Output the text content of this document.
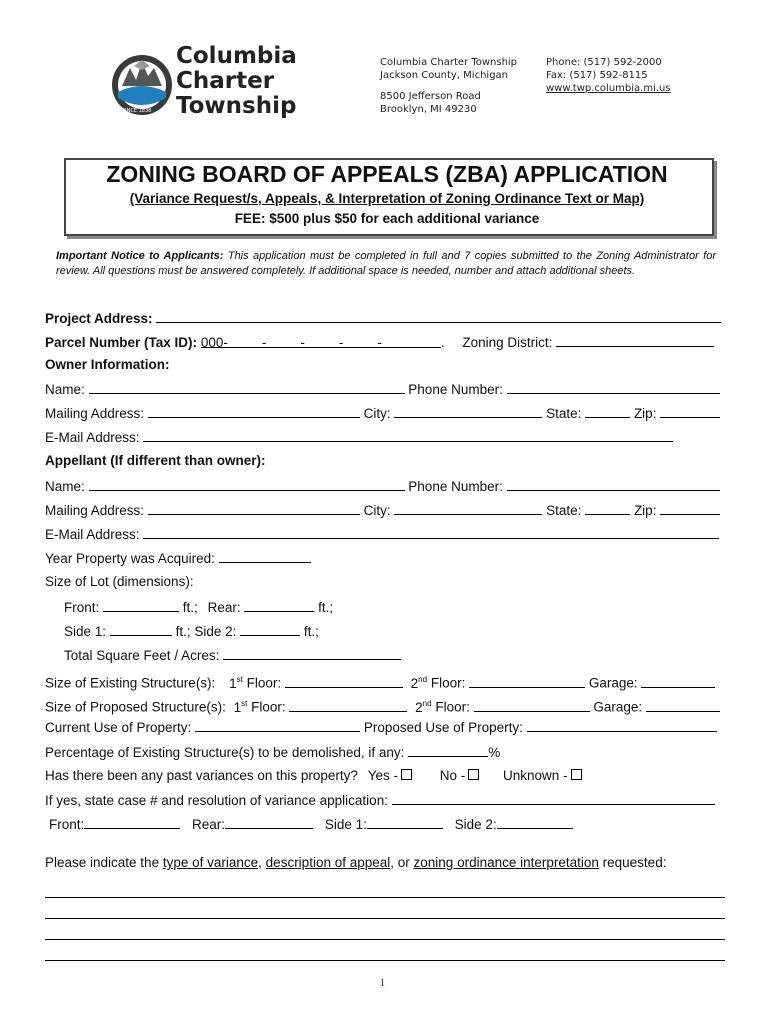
Columbia
Charter
Township
SINCE 1838
Columbia Charter Township
Jackson County, Michigan
8500 Jefferson Road
Brooklyn, MI 49230
Phone: (517) 592-2000
Fax: (517) 592-8115
www.twp.columbia.mi.us
ZONING BOARD OF APPEALS (ZBA) APPLICATION
(Variance Request/s, Appeals, & Interpretation of Zoning Ordinance Text or Map)
FEE: $500 plus $50 for each additional variance
Important Notice to Applicants: This application must be completed in full and 7 copies submitted to the Zoning Administrator for review. All questions must be answered completely. If additional space is needed, number and attach additional sheets.
Project Address:
Parcel Number (Tax ID): 000-	-	-	-	-	. Zoning District:
Owner Information:
Name:	Phone Number:
Mailing Address:	City:	State:	Zip:
E-Mail Address:
Appellant (If different than owner):
Name:	Phone Number:
Mailing Address:	City:	State:	Zip:
E-Mail Address:
Year Property was Acquired:
Size of Lot (dimensions):
Front:	ft.; Rear:	ft.;
Side 1:	ft.; Side 2:	ft.;
Total Square Feet / Acres:
Size of Existing Structure(s): 1st Floor:	2nd Floor:	Garage:
Size of Proposed Structure(s): 1st Floor:	2nd Floor:	Garage:
Current Use of Property:	Proposed Use of Property:
Percentage of Existing Structure(s) to be demolished, if any:	%
Has there been any past variances on this property? Yes -	No -	Unknown -
If yes, state case # and resolution of variance application:
Front:	Rear:	Side 1:	Side 2:
Please indicate the type of variance, description of appeal, or zoning ordinance interpretation requested:
1
